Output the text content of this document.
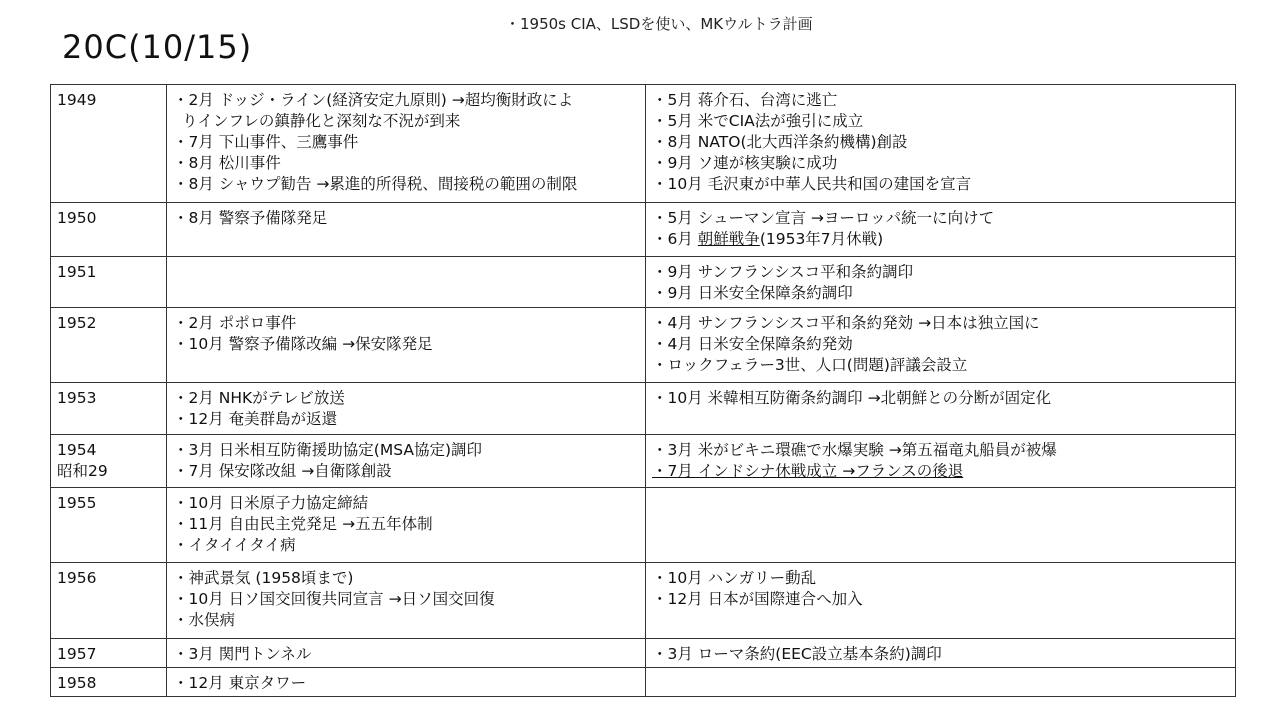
20C(10/15)
・1950s CIA、LSDを使い、MKウルトラ計画
1949	・2月 ドッジ・ライン(経済安定九原則) →超均衡財政によ
りインフレの鎮静化と深刻な不況が到来
・7月 下山事件、三鷹事件
・8月 松川事件
・8月 シャウプ勧告 →累進的所得税、間接税の範囲の制限	・5月 蒋介石、台湾に逃亡
・5月 米でCIA法が強引に成立
・8月 NATO(北大西洋条約機構)創設
・9月 ソ連が核実験に成功
・10月 毛沢東が中華人民共和国の建国を宣言

1950	・8月 警察予備隊発足	・5月 シューマン宣言 →ヨーロッパ統一に向けて
・6月 朝鮮戦争(1953年7月休戦)

1951		・9月 サンフランシスコ平和条約調印
・9月 日米安全保障条約調印

1952	・2月 ポポロ事件
・10月 警察予備隊改編 →保安隊発足	・4月 サンフランシスコ平和条約発効 →日本は独立国に
・4月 日米安全保障条約発効
・ロックフェラー3世、人口(問題)評議会設立

1953	・2月 NHKがテレビ放送
・12月 奄美群島が返還	・10月 米韓相互防衛条約調印 →北朝鮮との分断が固定化

1954
昭和29	・3月 日米相互防衛援助協定(MSA協定)調印
・7月 保安隊改組 →自衛隊創設	・3月 米がビキニ環礁で水爆実験 →第五福竜丸船員が被爆
・7月 インドシナ休戦成立 →フランスの後退

1955	・10月 日米原子力協定締結
・11月 自由民主党発足 →五五年体制
・イタイイタイ病	

1956	・神武景気 (1958頃まで)
・10月 日ソ国交回復共同宣言 →日ソ国交回復
・水俣病	・10月 ハンガリー動乱
・12月 日本が国際連合へ加入

1957	・3月 関門トンネル	・3月 ローマ条約(EEC設立基本条約)調印

1958	・12月 東京タワー	
